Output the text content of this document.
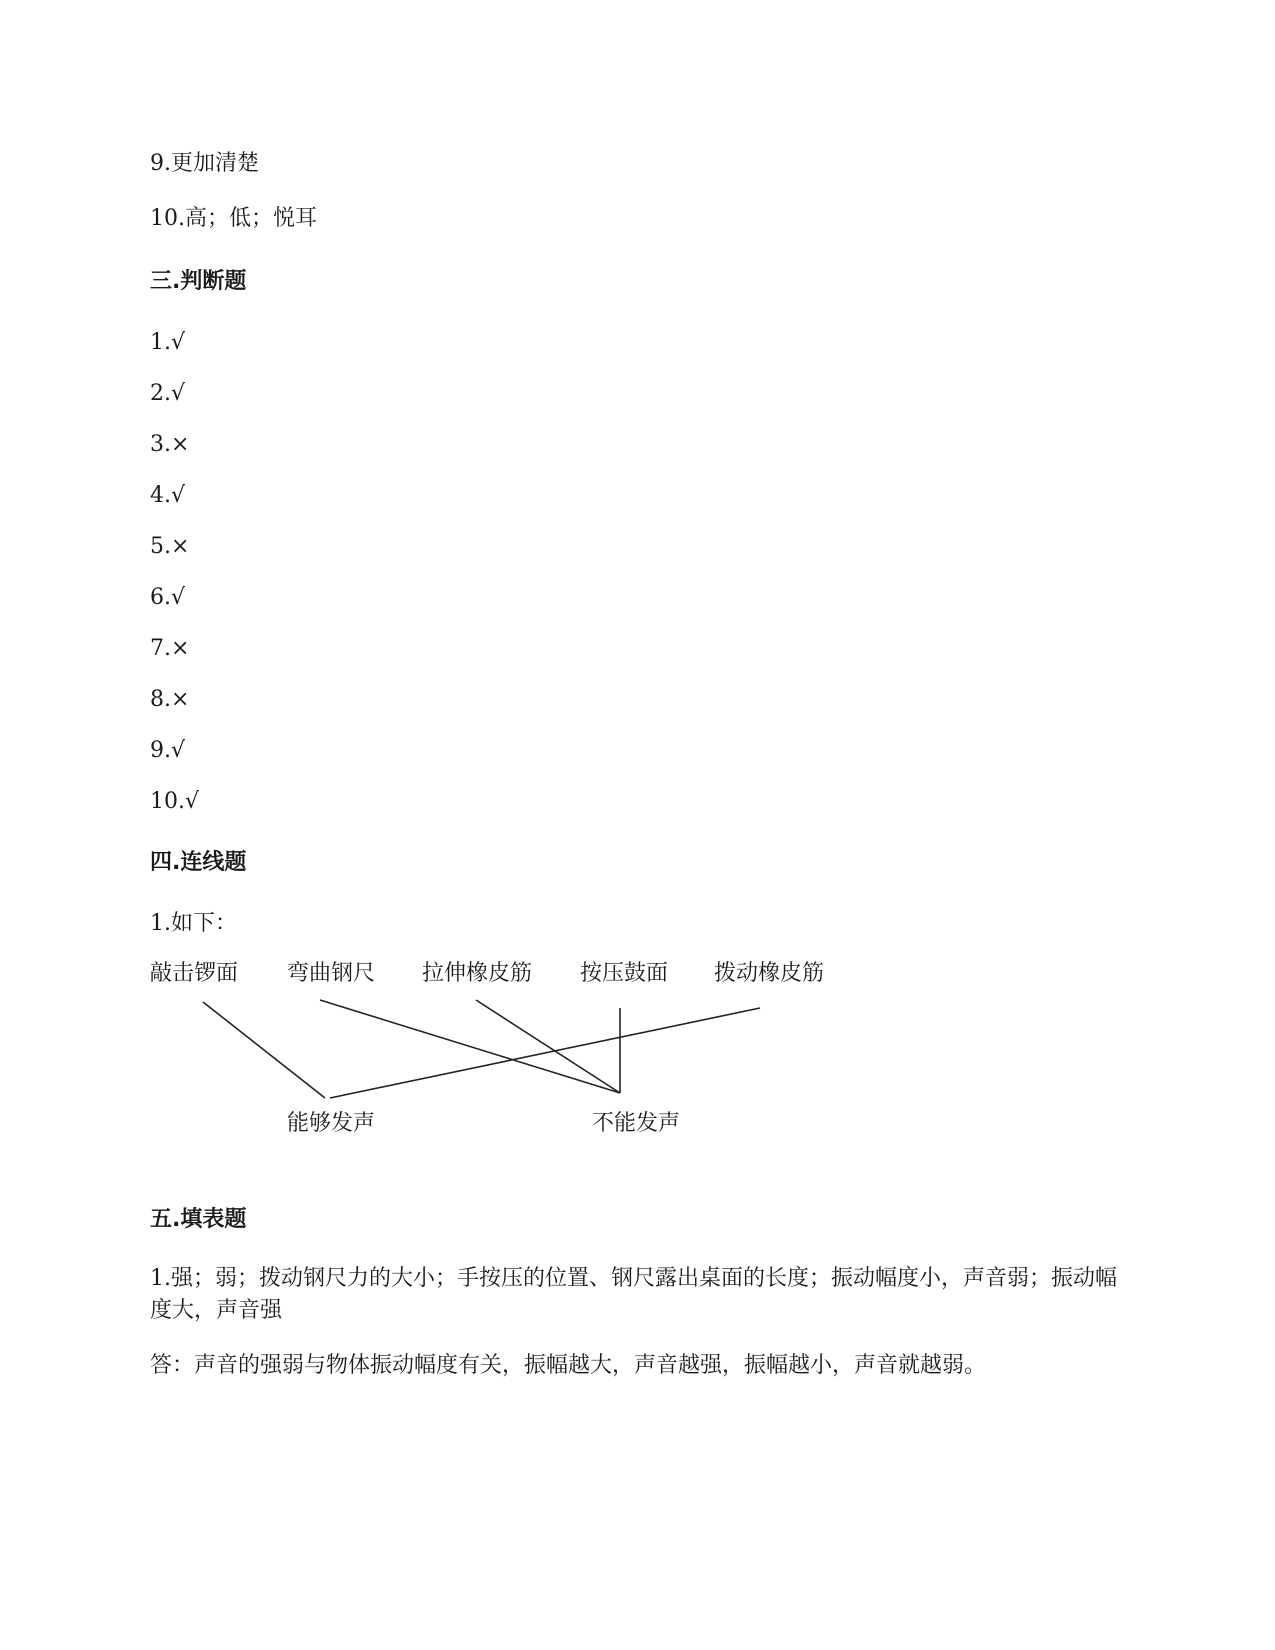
9.更加清楚
10.高；低；悦耳
三.判断题
1.√
2.√
3.×
4.√
5.×
6.√
7.×
8.×
9.√
10.√
四.连线题
1.如下：
敲击锣面 弯曲钢尺 拉伸橡皮筋 按压鼓面 拨动橡皮筋
能够发声	不能发声
五.填表题
1.强；弱；拨动钢尺力的大小；手按压的位置、钢尺露出桌面的长度；振动幅度小，声音弱；振动幅度大，声音强
答：声音的强弱与物体振动幅度有关，振幅越大，声音越强，振幅越小，声音就越弱。
